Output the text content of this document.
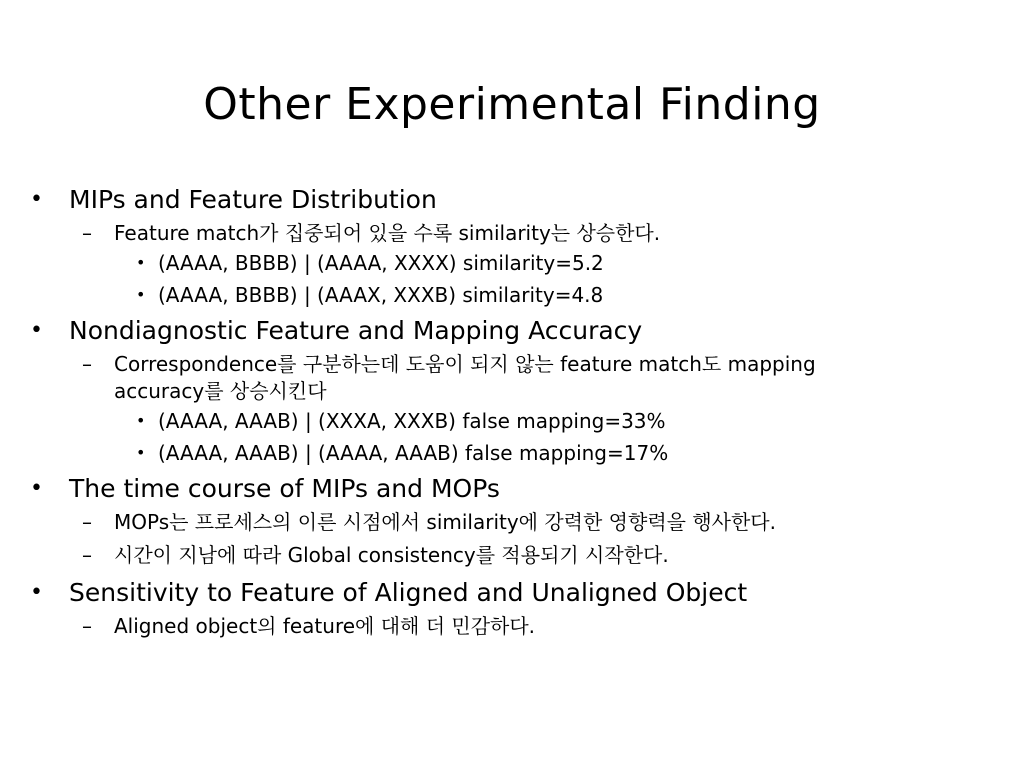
Other Experimental Finding
• MIPs and Feature Distribution
– Feature match가 집중되어 있을 수록 similarity는 상승한다.
• (AAAA, BBBB) | (AAAA, XXXX) similarity=5.2
• (AAAA, BBBB) | (AAAX, XXXB) similarity=4.8
• Nondiagnostic Feature and Mapping Accuracy
– Correspondence를 구분하는데 도움이 되지 않는 feature match도 mapping accuracy를 상승시킨다
• (AAAA, AAAB) | (XXXA, XXXB) false mapping=33%
• (AAAA, AAAB) | (AAAA, AAAB) false mapping=17%
• The time course of MIPs and MOPs
– MOPs는 프로세스의 이른 시점에서 similarity에 강력한 영향력을 행사한다.
– 시간이 지남에 따라 Global consistency를 적용되기 시작한다.
• Sensitivity to Feature of Aligned and Unaligned Object
– Aligned object의 feature에 대해 더 민감하다.
